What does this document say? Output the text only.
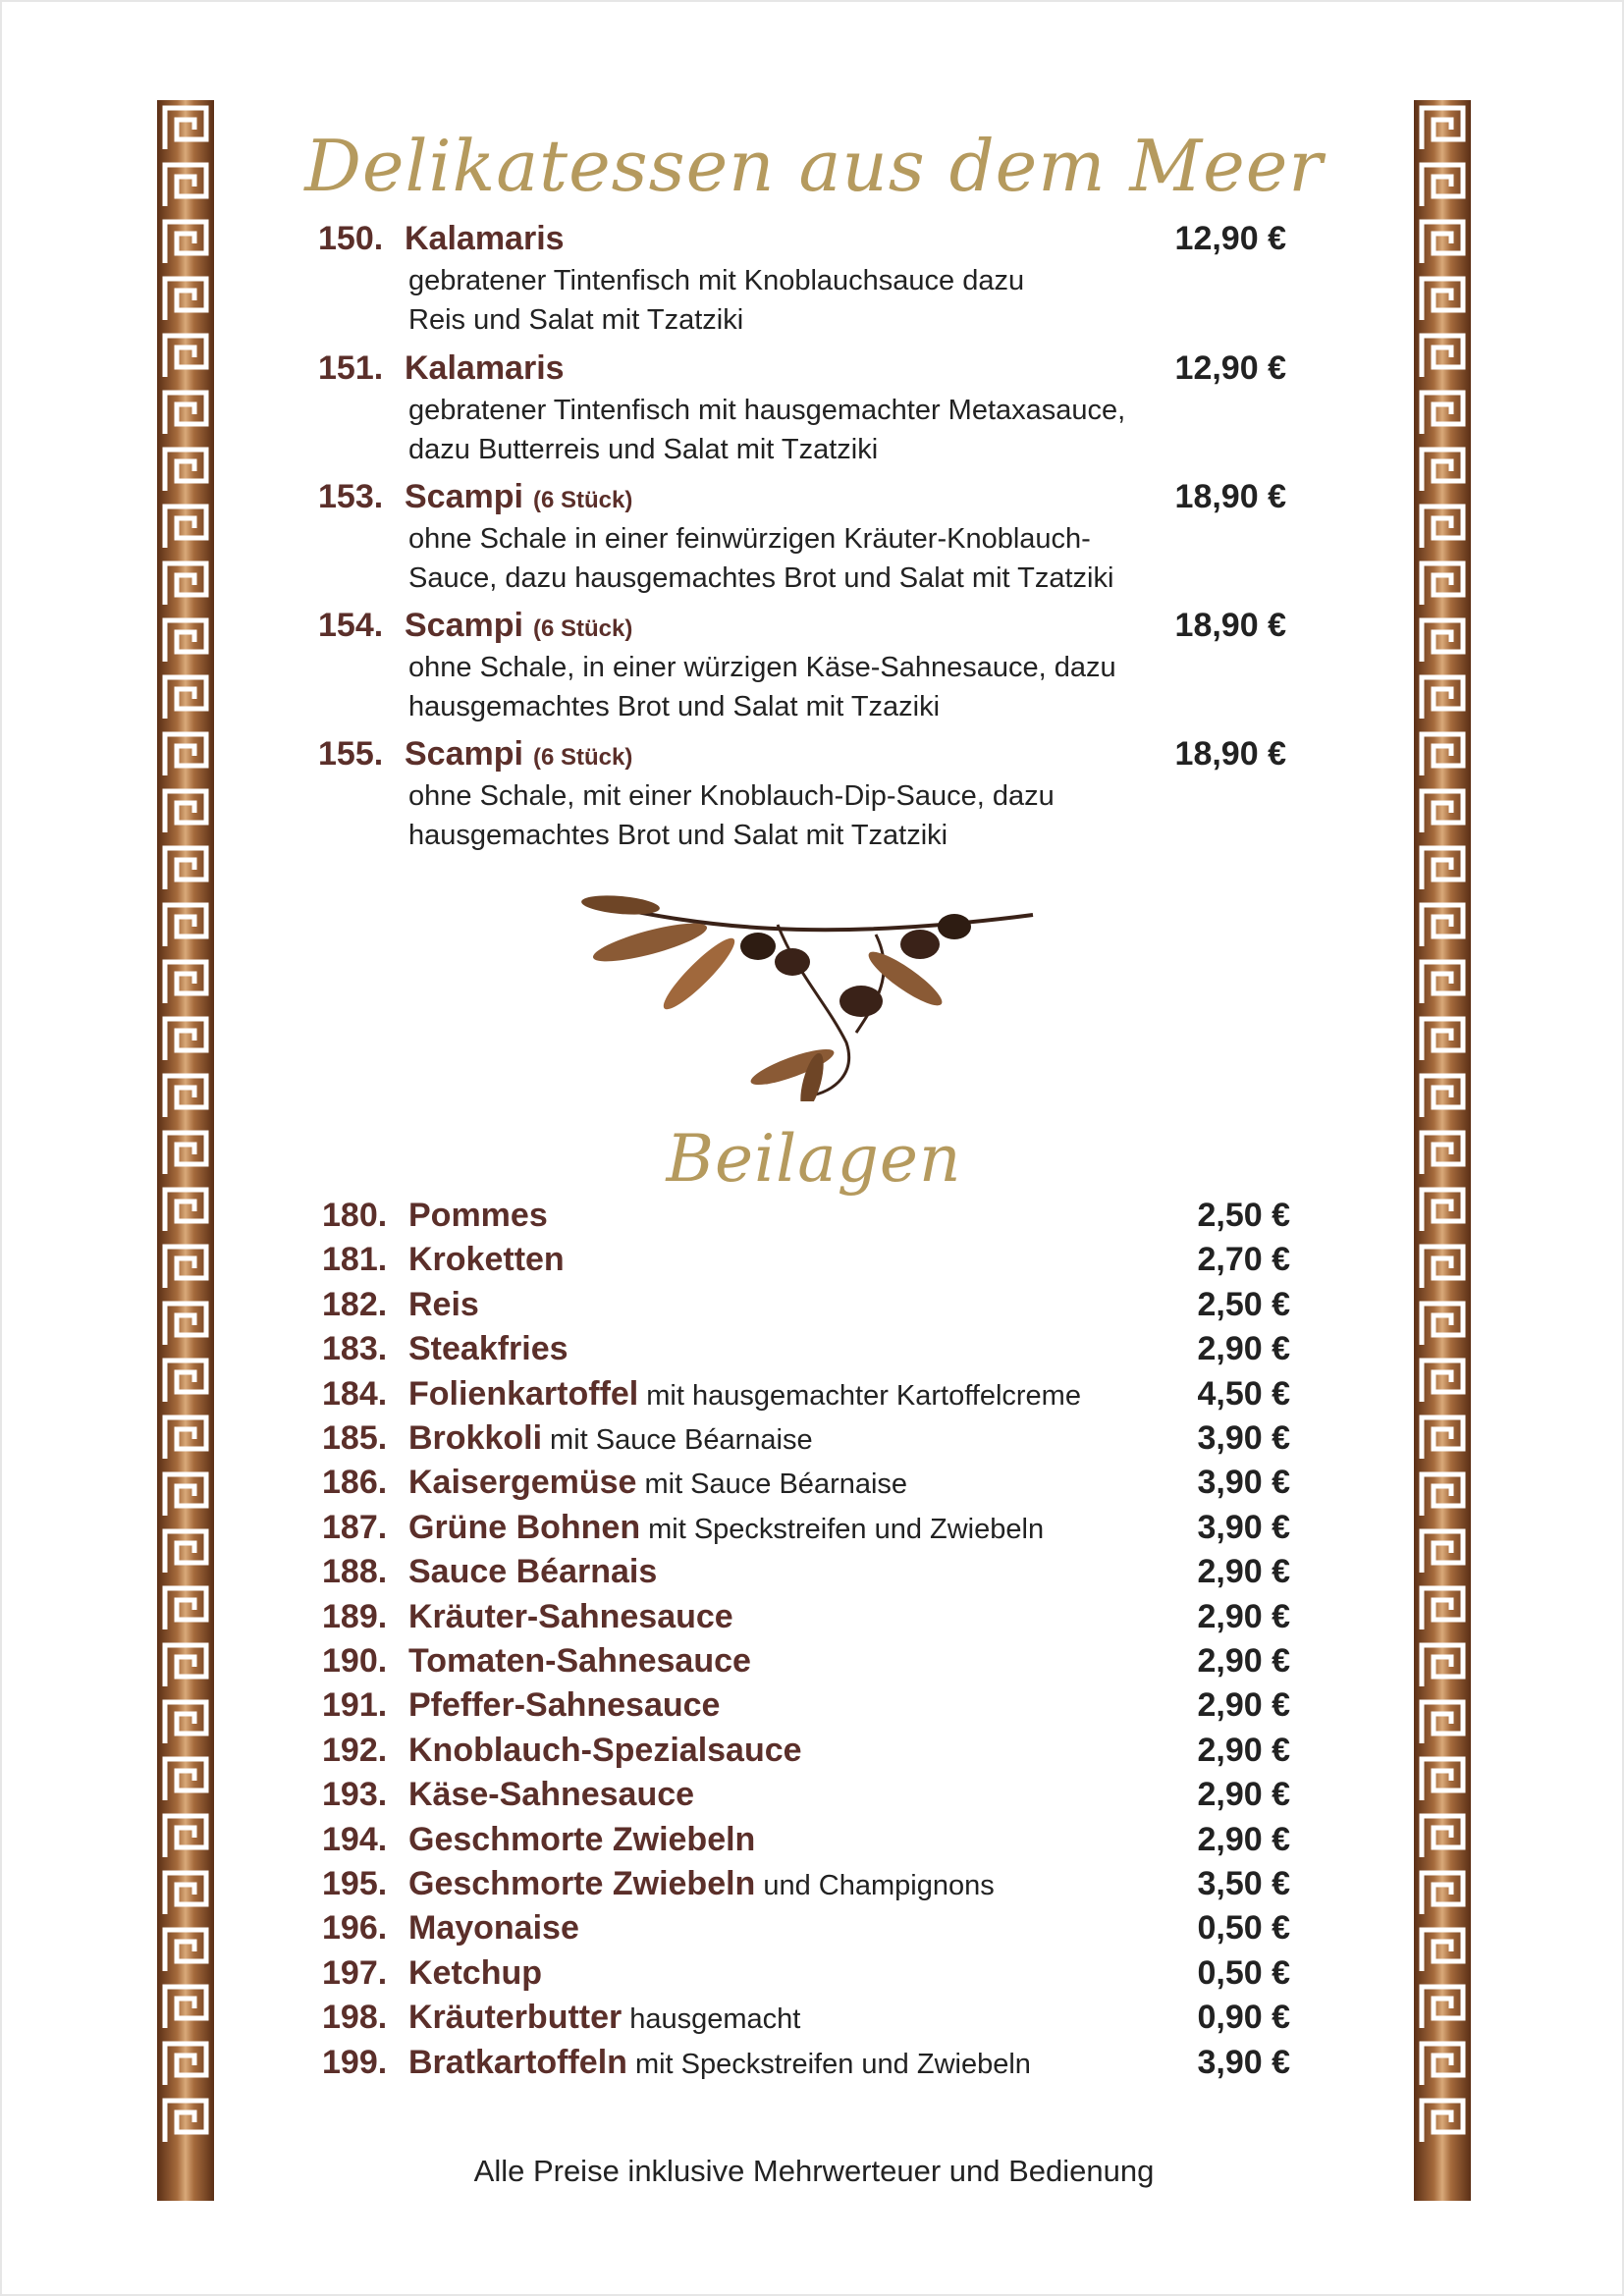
Delikatessen aus dem Meer
150. Kalamaris	12,90 €
gebratener Tintenfisch mit Knoblauchsauce dazu
Reis und Salat mit Tzatziki
151. Kalamaris	12,90 €
gebratener Tintenfisch mit hausgemachter Metaxasauce,
dazu Butterreis und Salat mit Tzatziki
153. Scampi (6 Stück)	18,90 €
ohne Schale in einer feinwürzigen Kräuter-Knoblauch-
Sauce, dazu hausgemachtes Brot und Salat mit Tzatziki
154. Scampi (6 Stück)	18,90 €
ohne Schale, in einer würzigen Käse-Sahnesauce, dazu
hausgemachtes Brot und Salat mit Tzaziki
155. Scampi (6 Stück)	18,90 €
ohne Schale, mit einer Knoblauch-Dip-Sauce, dazu
hausgemachtes Brot und Salat mit Tzatziki
Beilagen
180. Pommes	2,50 €
181. Kroketten	2,70 €
182. Reis	2,50 €
183. Steakfries	2,90 €
184. Folienkartoffel mit hausgemachter Kartoffelcreme	4,50 €
185. Brokkoli mit Sauce Béarnaise	3,90 €
186. Kaisergemüse mit Sauce Béarnaise	3,90 €
187. Grüne Bohnen mit Speckstreifen und Zwiebeln	3,90 €
188. Sauce Béarnais	2,90 €
189. Kräuter-Sahnesauce	2,90 €
190. Tomaten-Sahnesauce	2,90 €
191. Pfeffer-Sahnesauce	2,90 €
192. Knoblauch-Spezialsauce	2,90 €
193. Käse-Sahnesauce	2,90 €
194. Geschmorte Zwiebeln	2,90 €
195. Geschmorte Zwiebeln und Champignons	3,50 €
196. Mayonaise	0,50 €
197. Ketchup	0,50 €
198. Kräuterbutter hausgemacht	0,90 €
199. Bratkartoffeln mit Speckstreifen und Zwiebeln	3,90 €
Alle Preise inklusive Mehrwerteuer und Bedienung
